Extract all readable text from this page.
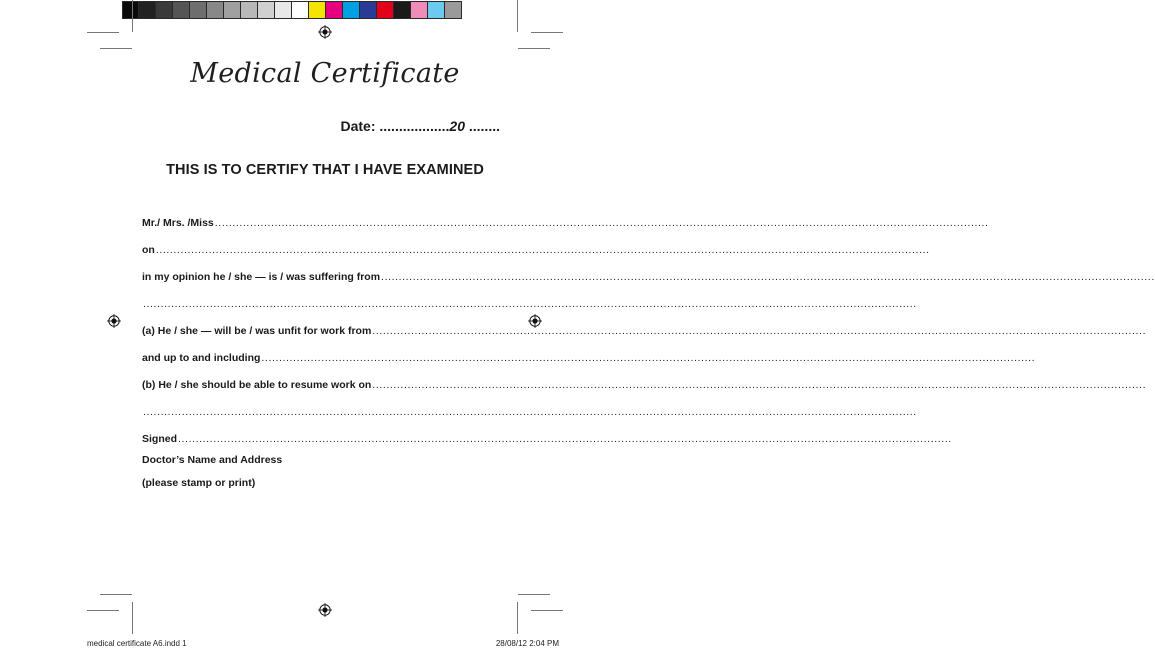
Medical Certificate
Date: ..................20 ........
THIS IS TO CERTIFY THAT I HAVE EXAMINED
Mr./ Mrs. /Miss ............................................................................................................................................................................................................................
on ............................................................................................................................................................................................................................
in my opinion he / she — is / was suffering from ............................................................................................................................................................................................................................
............................................................................................................................................................................................................................
(a) He / she — will be / was unfit for work from ............................................................................................................................................................................................................................
and up to and including ............................................................................................................................................................................................................................
(b) He / she should be able to resume work on ............................................................................................................................................................................................................................
............................................................................................................................................................................................................................
Signed ............................................................................................................................................................................................................................
Doctor’s Name and Address
(please stamp or print)
medical certificate A6.indd 1	28/08/12 2:04 PM
